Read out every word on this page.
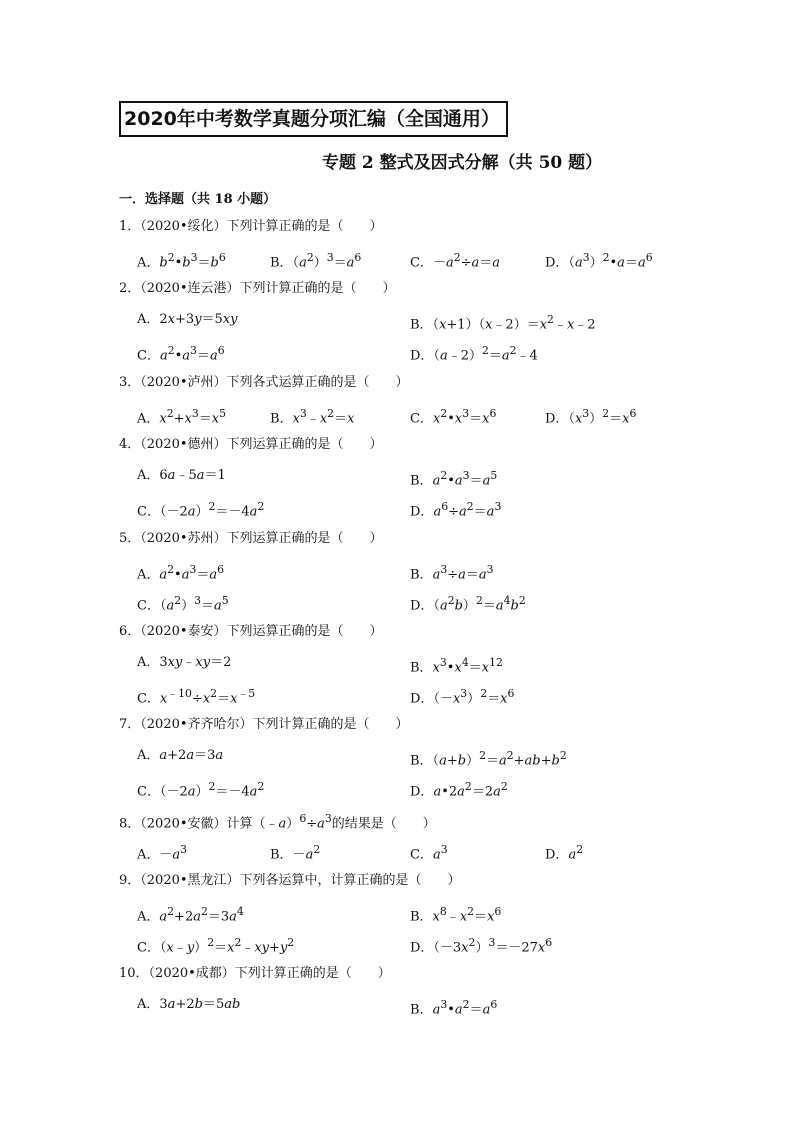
2020年中考数学真题分项汇编（全国通用）
专题 2 整式及因式分解（共 50 题）
一．选择题（共 18 小题）
1．（2020•绥化）下列计算正确的是（　　）
A．$b^2•b^3=b^6$	B．$(a^2)^3=a^6$	C．$-a^2\div a=a$	D．$(a^3)^2•a=a^6$
2．（2020•连云港）下列计算正确的是（　　）
A．2x+3y＝5xy	B．$(x+1)(x﹣2)=x^2﹣x﹣2$
C．$a^2•a^3=a^6$	D．$(a﹣2)^2=a^2﹣4$
3．（2020•泸州）下列各式运算正确的是（　　）
A．$x^2+x^3=x^5$	B．$x^3﹣x^2=x$	C．$x^2•x^3=x^6$	D．$(x^3)^2=x^6$
4．（2020•德州）下列运算正确的是（　　）
A．6a﹣5a＝1	B．$a^2•a^3=a^5$
C．$(-2a)^2=-4a^2$	D．$a^6\div a^2=a^3$
5．（2020•苏州）下列运算正确的是（　　）
A．$a^2•a^3=a^6$	B．$a^3\div a=a^3$
C．$(a^2)^3=a^5$	D．$(a^2b)^2=a^4b^2$
6．（2020•泰安）下列运算正确的是（　　）
A．3xy﹣xy＝2	B．$x^3•x^4=x^{12}$
C．$x^{﹣10}\div x^2=x^{﹣5}$	D．$(-x^3)^2=x^6$
7．（2020•齐齐哈尔）下列计算正确的是（　　）
A．a+2a＝3a	B．$(a+b)^2=a^2+ab+b^2$
C．$(-2a)^2=-4a^2$	D．$a•2a^2=2a^2$
8．（2020•安徽）计算$(﹣a)^6\div a^3$的结果是（　　）
A．$-a^3$	B．$-a^2$	C．$a^3$	D．$a^2$
9．（2020•黑龙江）下列各运算中，计算正确的是（　　）
A．$a^2+2a^2=3a^4$	B．$x^8﹣x^2=x^6$
C．$(x﹣y)^2=x^2﹣xy+y^2$	D．$(-3x^2)^3=-27x^6$
10．（2020•成都）下列计算正确的是（　　）
A．3a+2b＝5ab	B．$a^3•a^2=a^6$
